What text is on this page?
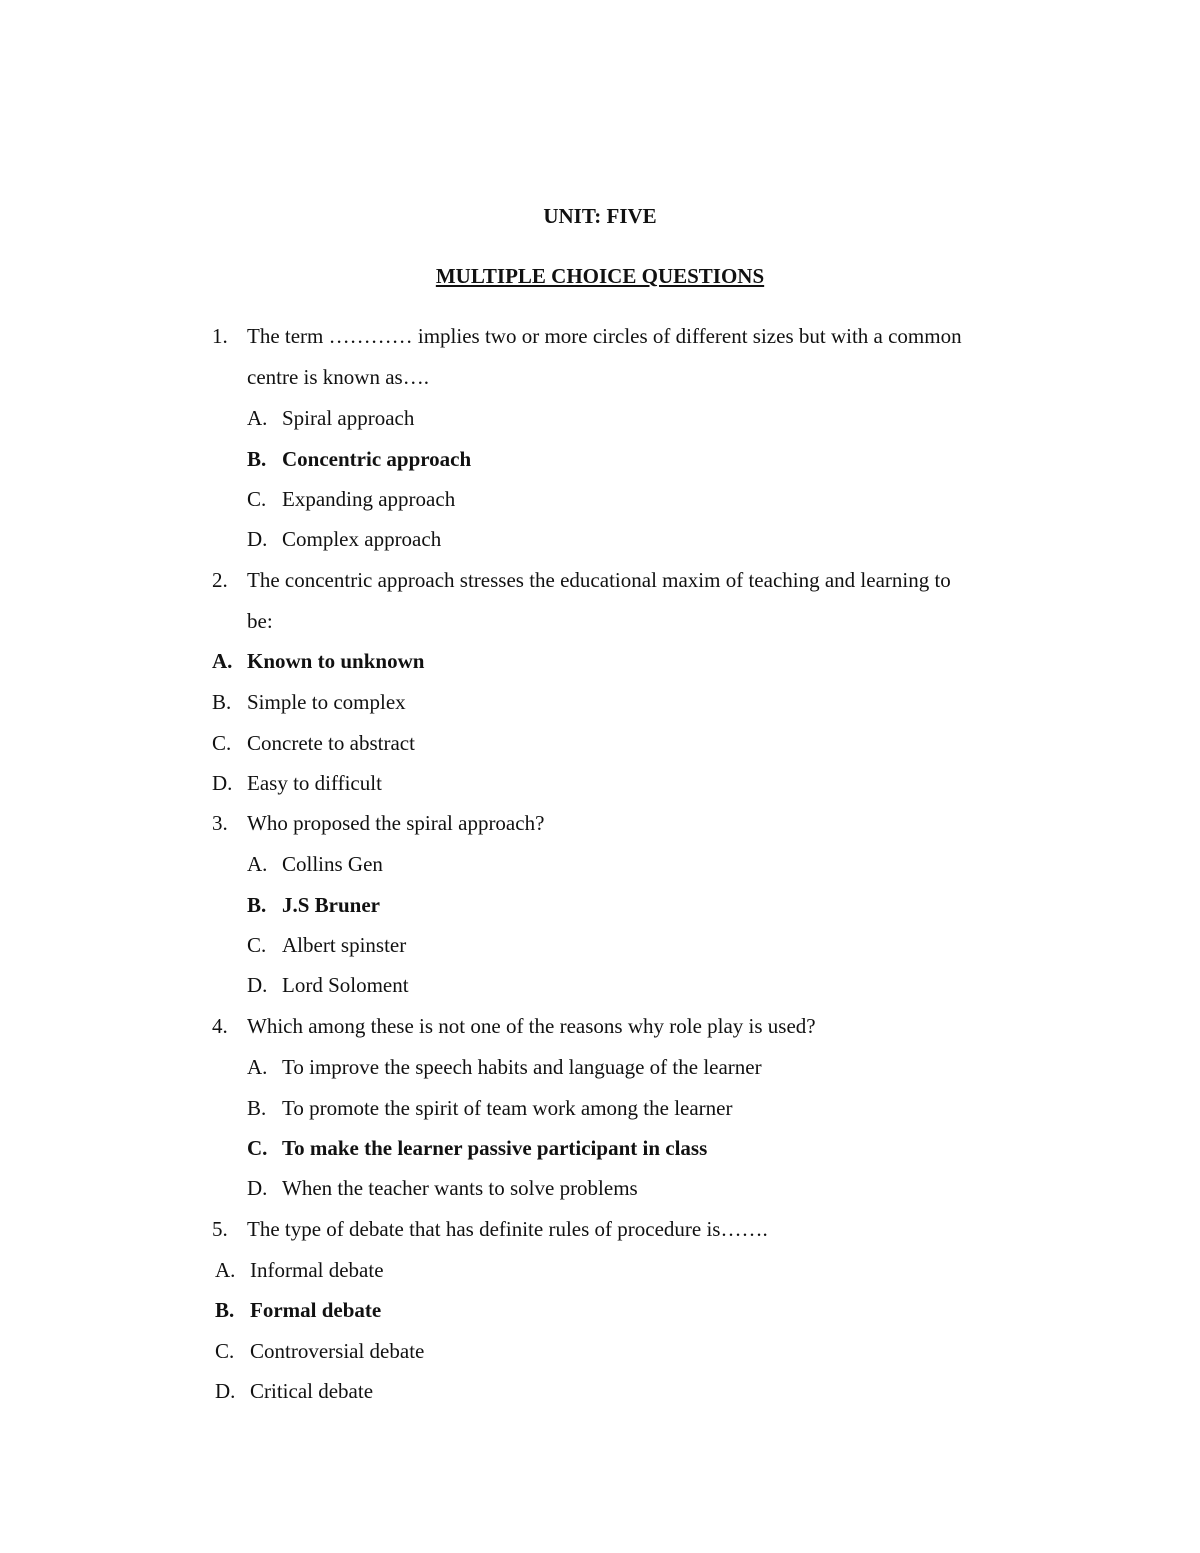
UNIT: FIVE
MULTIPLE CHOICE QUESTIONS
1. The term ………… implies two or more circles of different sizes but with a common
centre is known as….
A. Spiral approach
B. Concentric approach
C. Expanding approach
D. Complex approach
2. The concentric approach stresses the educational maxim of teaching and learning to
be:
A. Known to unknown
B. Simple to complex
C. Concrete to abstract
D. Easy to difficult
3. Who proposed the spiral approach?
A. Collins Gen
B. J.S Bruner
C. Albert spinster
D. Lord Soloment
4. Which among these is not one of the reasons why role play is used?
A. To improve the speech habits and language of the learner
B. To promote the spirit of team work among the learner
C. To make the learner passive participant in class
D. When the teacher wants to solve problems
5. The type of debate that has definite rules of procedure is…….
A. Informal debate
B. Formal debate
C. Controversial debate
D. Critical debate
